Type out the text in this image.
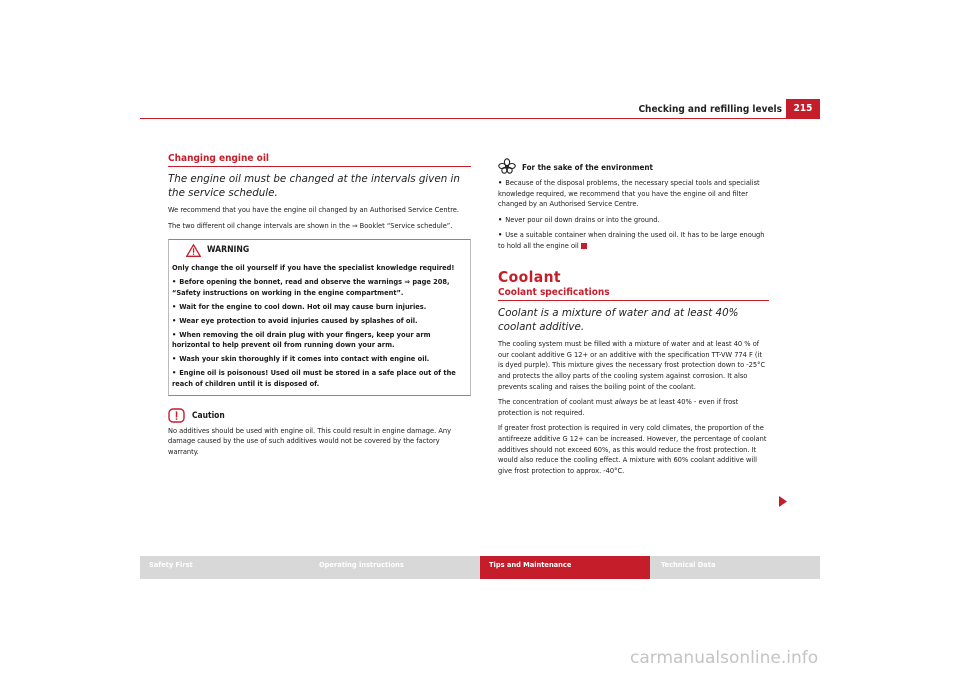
Checking and refilling levels	215
Changing engine oil
The engine oil must be changed at the intervals given in the service schedule.

We recommend that you have the engine oil changed by an Authorised Service Centre.

The two different oil change intervals are shown in the ⇒ Booklet “Service schedule”.

WARNING

Only change the oil yourself if you have the specialist knowledge required!

• Before opening the bonnet, read and observe the warnings ⇒ page 208, “Safety instructions on working in the engine compartment”.

• Wait for the engine to cool down. Hot oil may cause burn injuries.

• Wear eye protection to avoid injuries caused by splashes of oil.

• When removing the oil drain plug with your fingers, keep your arm horizontal to help prevent oil from running down your arm.

• Wash your skin thoroughly if it comes into contact with engine oil.

• Engine oil is poisonous! Used oil must be stored in a safe place out of the reach of children until it is disposed of.

Caution

No additives should be used with engine oil. This could result in engine damage. Any damage caused by the use of such additives would not be covered by the factory warranty.

For the sake of the environment

• Because of the disposal problems, the necessary special tools and specialist knowledge required, we recommend that you have the engine oil and filter changed by an Authorised Service Centre.

• Never pour oil down drains or into the ground.

• Use a suitable container when draining the used oil. It has to be large enough to hold all the engine oil

Coolant
Coolant specifications
Coolant is a mixture of water and at least 40% coolant additive.

The cooling system must be filled with a mixture of water and at least 40 % of our coolant additive G 12+ or an additive with the specification TT-VW 774 F (it is dyed purple). This mixture gives the necessary frost protection down to -25°C and protects the alloy parts of the cooling system against corrosion. It also prevents scaling and raises the boiling point of the coolant.

The concentration of coolant must always be at least 40% - even if frost protection is not required.

If greater frost protection is required in very cold climates, the proportion of the antifreeze additive G 12+ can be increased. However, the percentage of coolant additives should not exceed 60%, as this would reduce the frost protection. It would also reduce the cooling effect. A mixture with 60% coolant additive will give frost protection to approx. -40°C.

Safety First	Operating instructions	Tips and Maintenance	Technical Data
carmanualsonline.info
